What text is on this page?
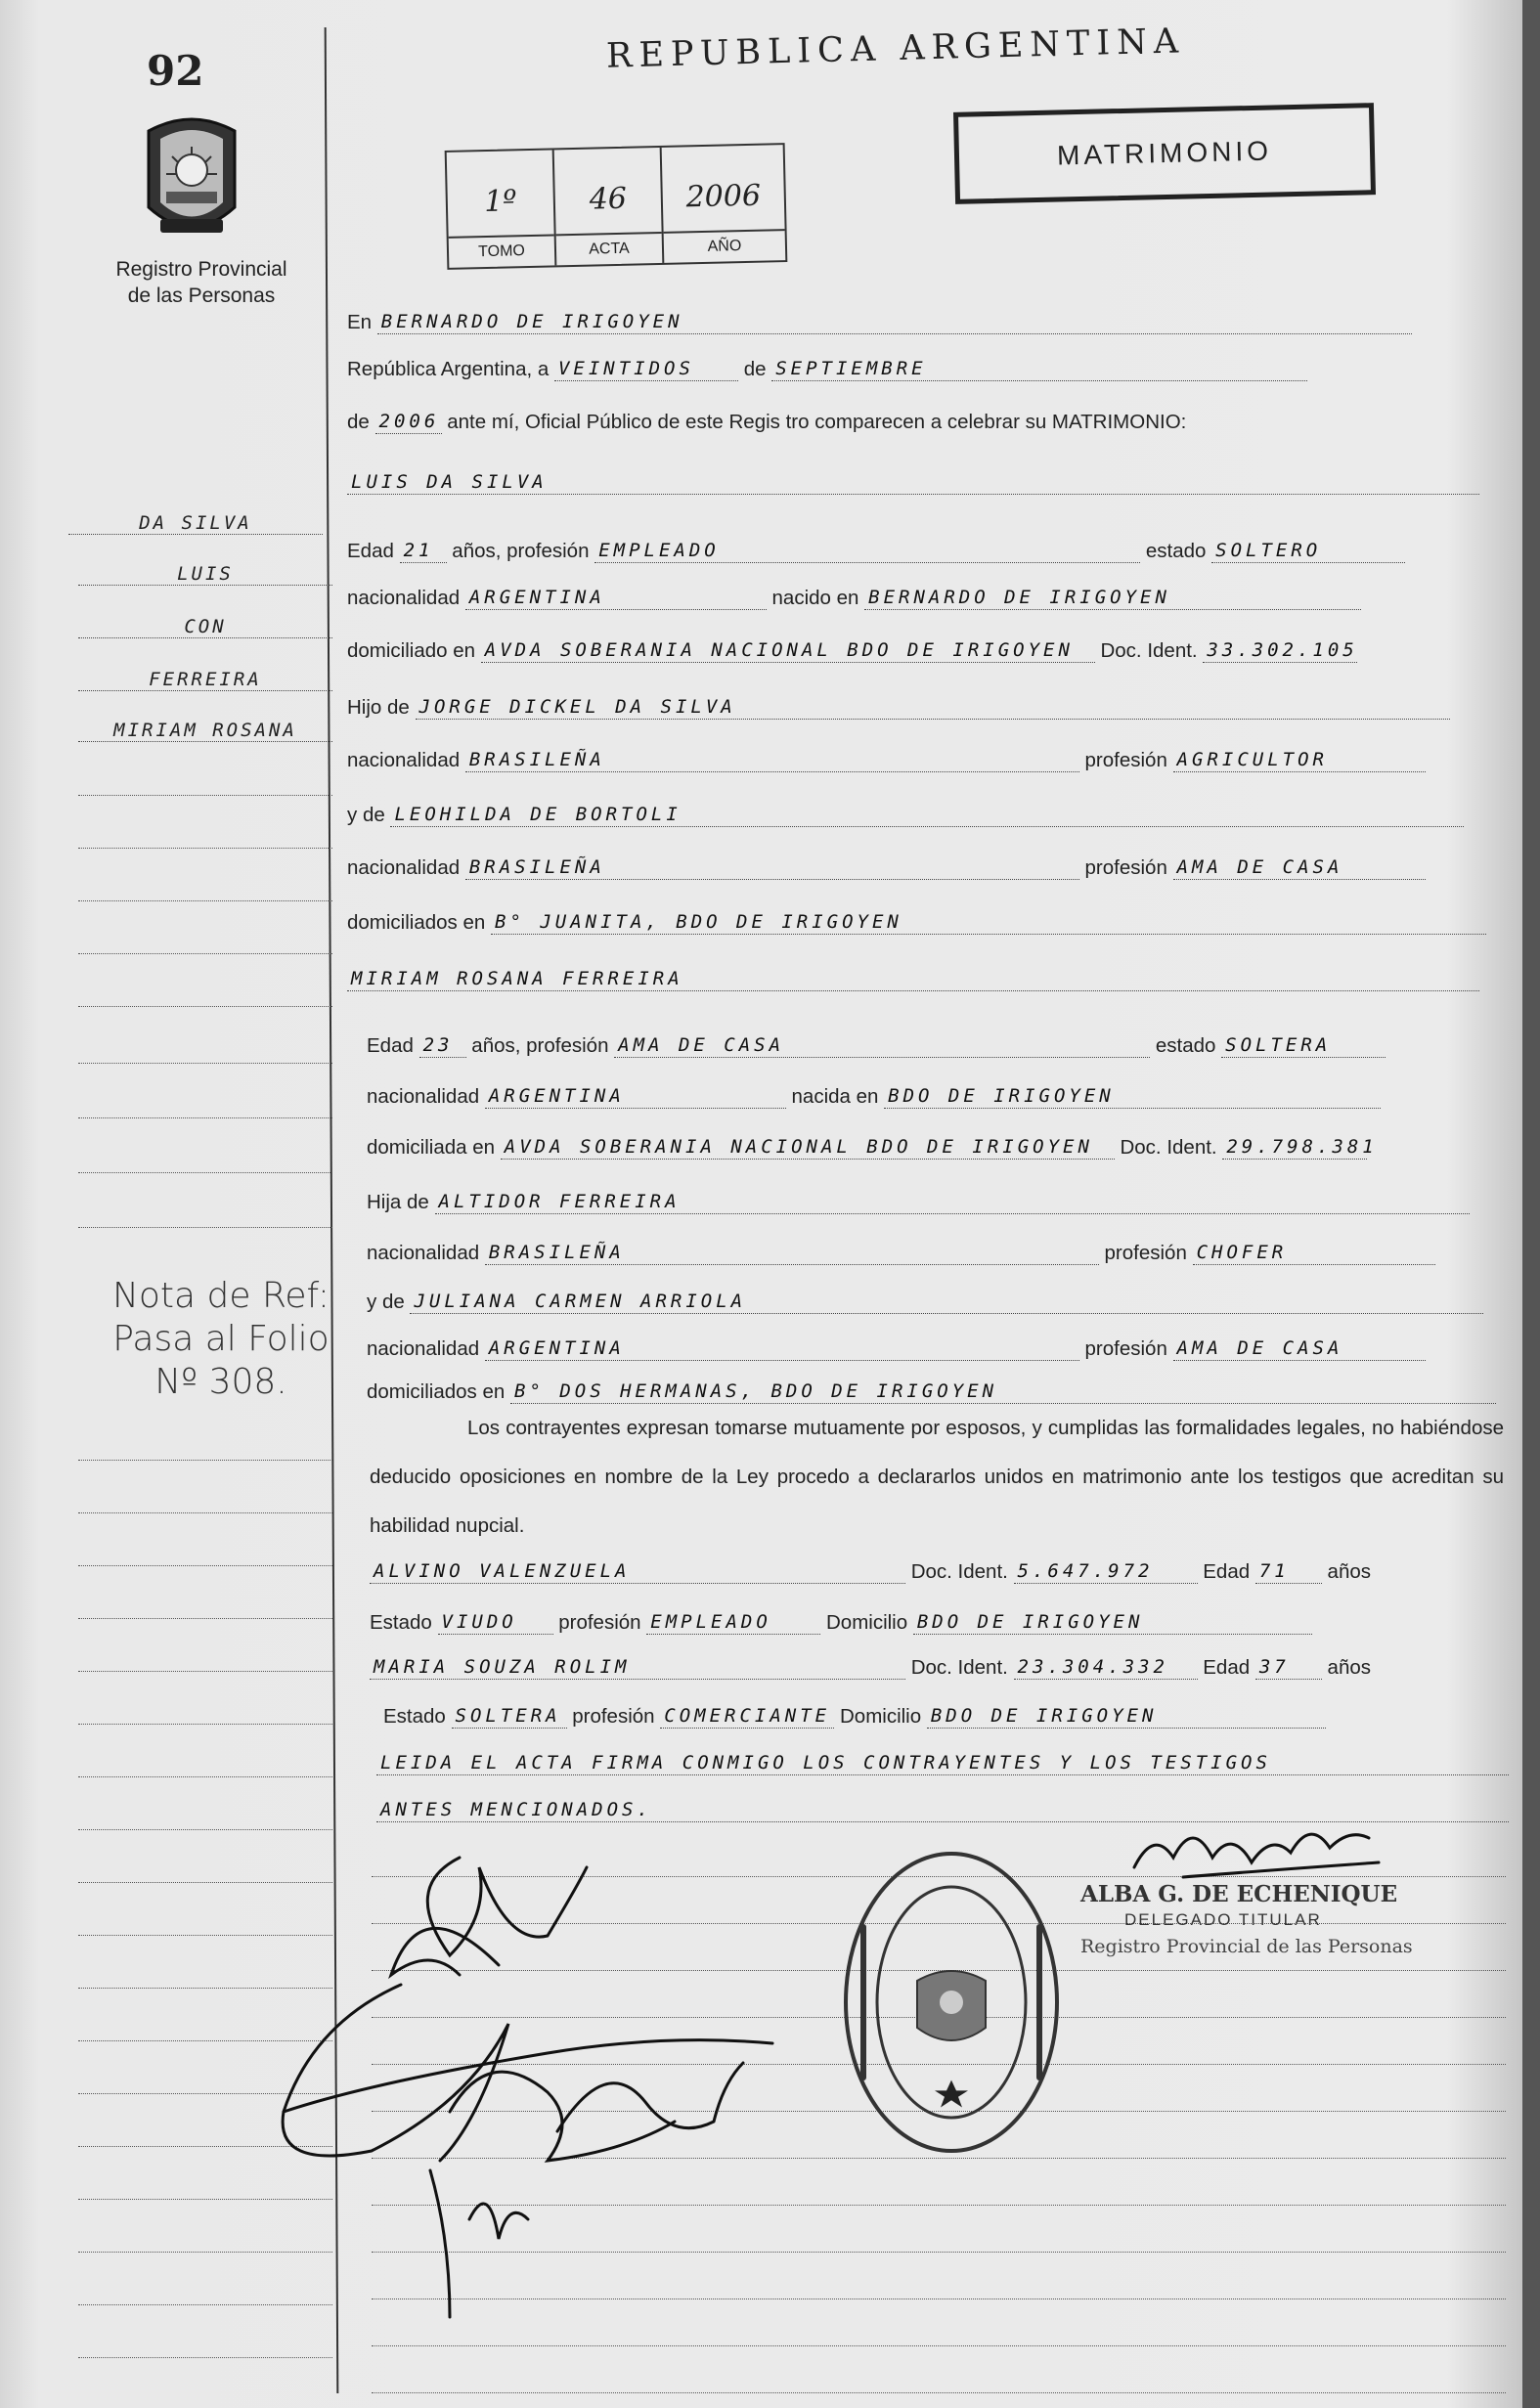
92
Registro Provincial
de las Personas
REPUBLICA ARGENTINA
1º
TOMO
46
ACTA
2006
AÑO
MATRIMONIO
En BERNARDO DE IRIGOYEN
República Argentina, a VEINTIDOS de SEPTIEMBRE
de 2006 ante mí, Oficial Público de este Regis tro comparecen a celebrar su MATRIMONIO:
LUIS DA SILVA
Edad 21 años, profesión EMPLEADO	estado SOLTERO
nacionalidad ARGENTINA	nacido en BERNARDO DE IRIGOYEN
domiciliado en AVDA SOBERANIA NACIONAL BDO DE IRIGOYEN Doc. Ident. 33.302.105
Hijo de JORGE DICKEL DA SILVA
nacionalidad BRASILEÑA	profesión AGRICULTOR
y de LEOHILDA DE BORTOLI
nacionalidad BRASILEÑA	profesión AMA DE CASA
domiciliados en B° JUANITA, BDO DE IRIGOYEN
MIRIAM ROSANA FERREIRA
Edad 23 años, profesión AMA DE CASA	estado SOLTERA
nacionalidad ARGENTINA	nacida en BDO DE IRIGOYEN
domiciliada en AVDA SOBERANIA NACIONAL BDO DE IRIGOYEN Doc. Ident. 29.798.381
Hija de ALTIDOR FERREIRA
nacionalidad BRASILEÑA	profesión CHOFER
y de JULIANA CARMEN ARRIOLA
nacionalidad ARGENTINA	profesión AMA DE CASA
domiciliados en B° DOS HERMANAS, BDO DE IRIGOYEN
Los contrayentes expresan tomarse mutuamente por esposos, y cumplidas las formalidades legales, no habiéndose deducido oposiciones en nombre de la Ley procedo a declararlos unidos en matrimonio ante los testigos que acreditan su habilidad nupcial.
ALVINO VALENZUELA	Doc. Ident. 5.647.972 Edad 71 años
Estado VIUDO profesión EMPLEADO	Domicilio BDO DE IRIGOYEN
MARIA SOUZA ROLIM	Doc. Ident. 23.304.332 Edad 37 años
Estado SOLTERA profesión COMERCIANTE Domicilio BDO DE IRIGOYEN
LEIDA EL ACTA FIRMA CONMIGO LOS CONTRAYENTES Y LOS TESTIGOS
ANTES MENCIONADOS.
DA SILVA
LUIS
CON
FERREIRA
MIRIAM ROSANA
Nota de Ref:
Pasa al Folio
Nº 308.
ALBA G. DE ECHENIQUE
DELEGADO TITULAR
Registro Provincial de las Personas
